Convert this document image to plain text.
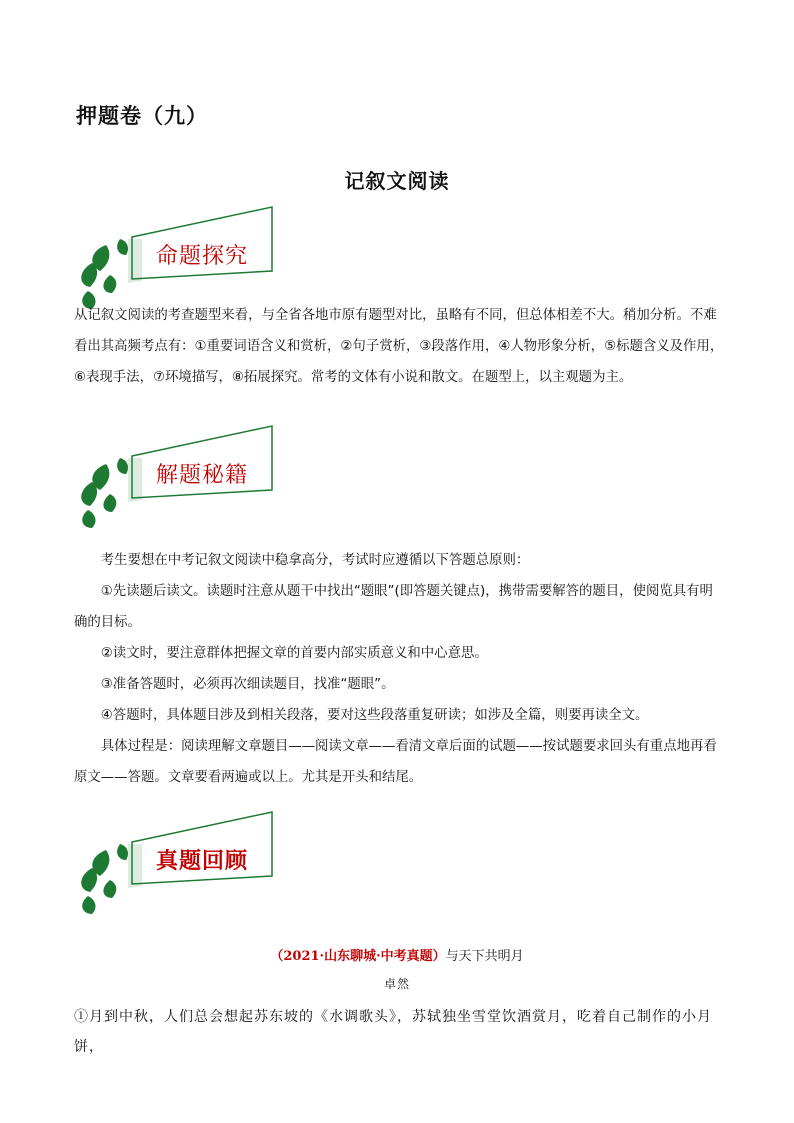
押题卷（九）
记叙文阅读
命题探究

从记叙文阅读的考查题型来看，与全省各地市原有题型对比，虽略有不同，但总体相差不大。稍加分析。不难看出其高频考点有：①重要词语含义和赏析，②句子赏析，③段落作用，④人物形象分析，⑤标题含义及作用，⑥表现手法，⑦环境描写，⑧拓展探究。常考的文体有小说和散文。在题型上，以主观题为主。

解题秘籍

考生要想在中考记叙文阅读中稳拿高分，考试时应遵循以下答题总原则：

①先读题后读文。读题时注意从题干中找出“题眼”(即答题关键点)，携带需要解答的题目，使阅览具有明确的目标。

②读文时，要注意群体把握文章的首要内部实质意义和中心意思。

③准备答题时，必须再次细读题目，找准“题眼”。

④答题时，具体题目涉及到相关段落，要对这些段落重复研读；如涉及全篇，则要再读全文。

具体过程是：阅读理解文章题目——阅读文章——看清文章后面的试题——按试题要求回头有重点地再看原文——答题。文章要看两遍或以上。尤其是开头和结尾。

真题回顾

（2021·山东聊城·中考真题）与天下共明月

卓然

①月到中秋，人们总会想起苏东坡的《水调歌头》，苏轼独坐雪堂饮酒赏月，吃着自己制作的小月饼，
